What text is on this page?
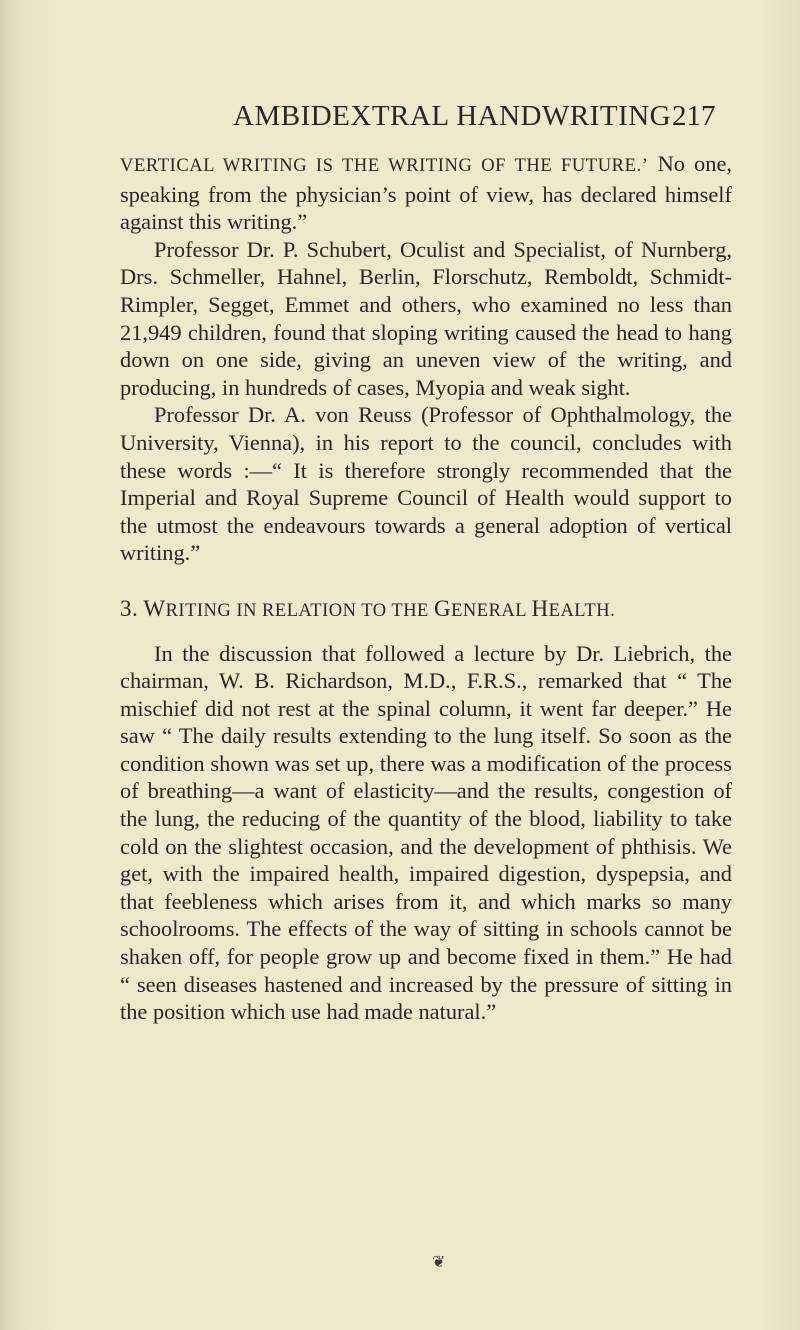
AMBIDEXTRAL HANDWRITING 217

VERTICAL WRITING IS THE WRITING OF THE FUTURE.’ No one, speaking from the physician’s point of view, has declared himself against this writing.”

Professor Dr. P. Schubert, Oculist and Specialist, of Nurnberg, Drs. Schmeller, Hahnel, Berlin, Florschutz, Remboldt, Schmidt-Rimpler, Segget, Emmet and others, who examined no less than 21,949 children, found that sloping writing caused the head to hang down on one side, giving an uneven view of the writing, and producing, in hundreds of cases, Myopia and weak sight.

Professor Dr. A. von Reuss (Professor of Ophthalmology, the University, Vienna), in his report to the council, concludes with these words :—“ It is therefore strongly recommended that the Imperial and Royal Supreme Council of Health would support to the utmost the endeavours towards a general adoption of vertical writing.”

3. WRITING IN RELATION TO THE GENERAL HEALTH.

In the discussion that followed a lecture by Dr. Liebrich, the chairman, W. B. Richardson, M.D., F.R.S., remarked that “ The mischief did not rest at the spinal column, it went far deeper.” He saw “ The daily results extending to the lung itself. So soon as the condition shown was set up, there was a modification of the process of breathing—a want of elasticity—and the results, congestion of the lung, the reducing of the quantity of the blood, liability to take cold on the slightest occasion, and the development of phthisis. We get, with the impaired health, impaired digestion, dyspepsia, and that feebleness which arises from it, and which marks so many schoolrooms. The effects of the way of sitting in schools cannot be shaken off, for people grow up and become fixed in them.” He had “ seen diseases hastened and increased by the pressure of sitting in the position which use had made natural.”

❦
